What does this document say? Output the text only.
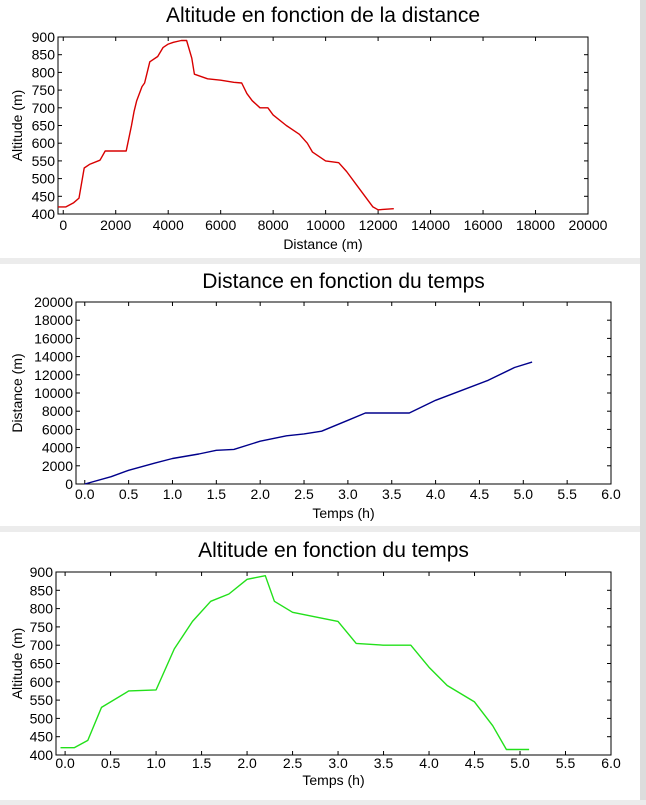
Altitude en fonction de la distance
0 2000 4000 6000 8000 10000 12000 14000 16000 18000 20000
400
450
500
550
600
650
700
750
800
850
900
Distance (m)
Altitude (m)
Distance en fonction du temps
0.0 0.5 1.0 1.5 2.0 2.5 3.0 3.5 4.0 4.5 5.0 5.5 6.0
0
2000
4000
6000
8000
10000
12000
14000
16000
18000
20000
Temps (h)
Distance (m)
Altitude en fonction du temps
0.0 0.5 1.0 1.5 2.0 2.5 3.0 3.5 4.0 4.5 5.0 5.5 6.0
400
450
500
550
600
650
700
750
800
850
900
Temps (h)
Altitude (m)
